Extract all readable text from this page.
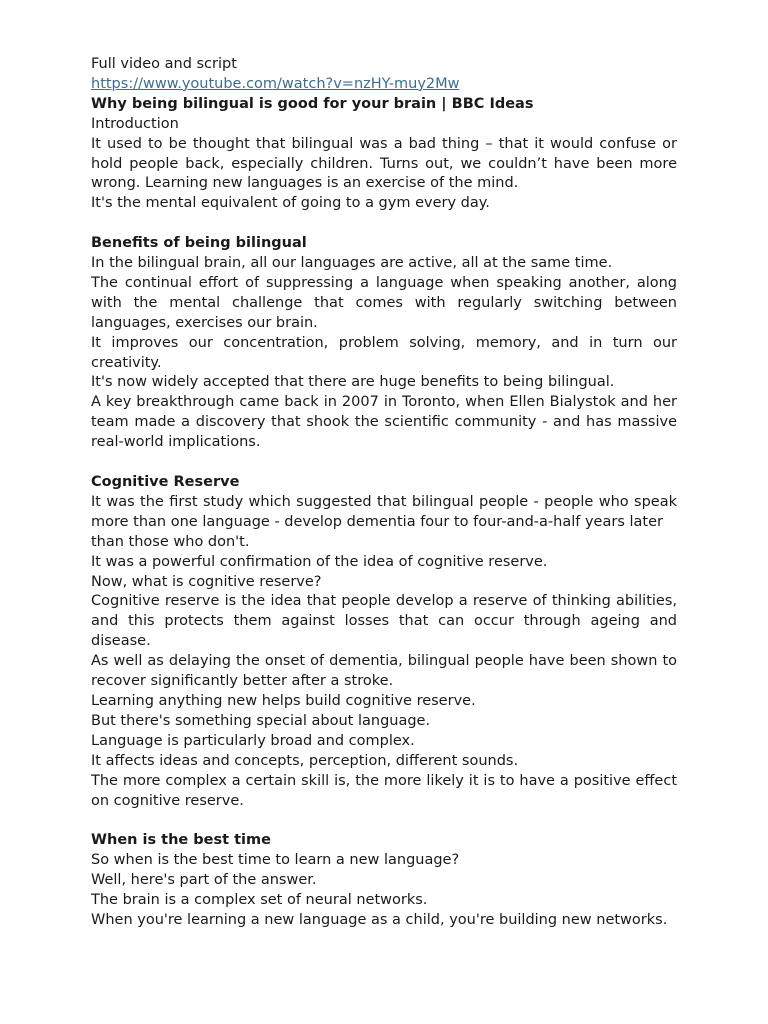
Full video and script
https://www.youtube.com/watch?v=nzHY-muy2Mw
Why being bilingual is good for your brain | BBC Ideas
Introduction
It used to be thought that bilingual was a bad thing – that it would confuse or hold people back, especially children. Turns out, we couldn’t have been more wrong. Learning new languages is an exercise of the mind.
It's the mental equivalent of going to a gym every day.
Benefits of being bilingual
In the bilingual brain, all our languages are active, all at the same time.
The continual effort of suppressing a language when speaking another, along with the mental challenge that comes with regularly switching between languages, exercises our brain.
It improves our concentration, problem solving, memory, and in turn our creativity.
It's now widely accepted that there are huge benefits to being bilingual.
A key breakthrough came back in 2007 in Toronto, when Ellen Bialystok and her team made a discovery that shook the scientific community - and has massive real-world implications.
Cognitive Reserve
It was the first study which suggested that bilingual people - people who speak more than one language - develop dementia four to four-and-a-half years later
than those who don't.
It was a powerful confirmation of the idea of cognitive reserve.
Now, what is cognitive reserve?
Cognitive reserve is the idea that people develop a reserve of thinking abilities, and this protects them against losses that can occur through ageing and disease.
As well as delaying the onset of dementia, bilingual people have been shown to recover significantly better after a stroke.
Learning anything new helps build cognitive reserve.
But there's something special about language.
Language is particularly broad and complex.
It affects ideas and concepts, perception, different sounds.
The more complex a certain skill is, the more likely it is to have a positive effect on cognitive reserve.
When is the best time
So when is the best time to learn a new language?
Well, here's part of the answer.
The brain is a complex set of neural networks.
When you're learning a new language as a child, you're building new networks.
